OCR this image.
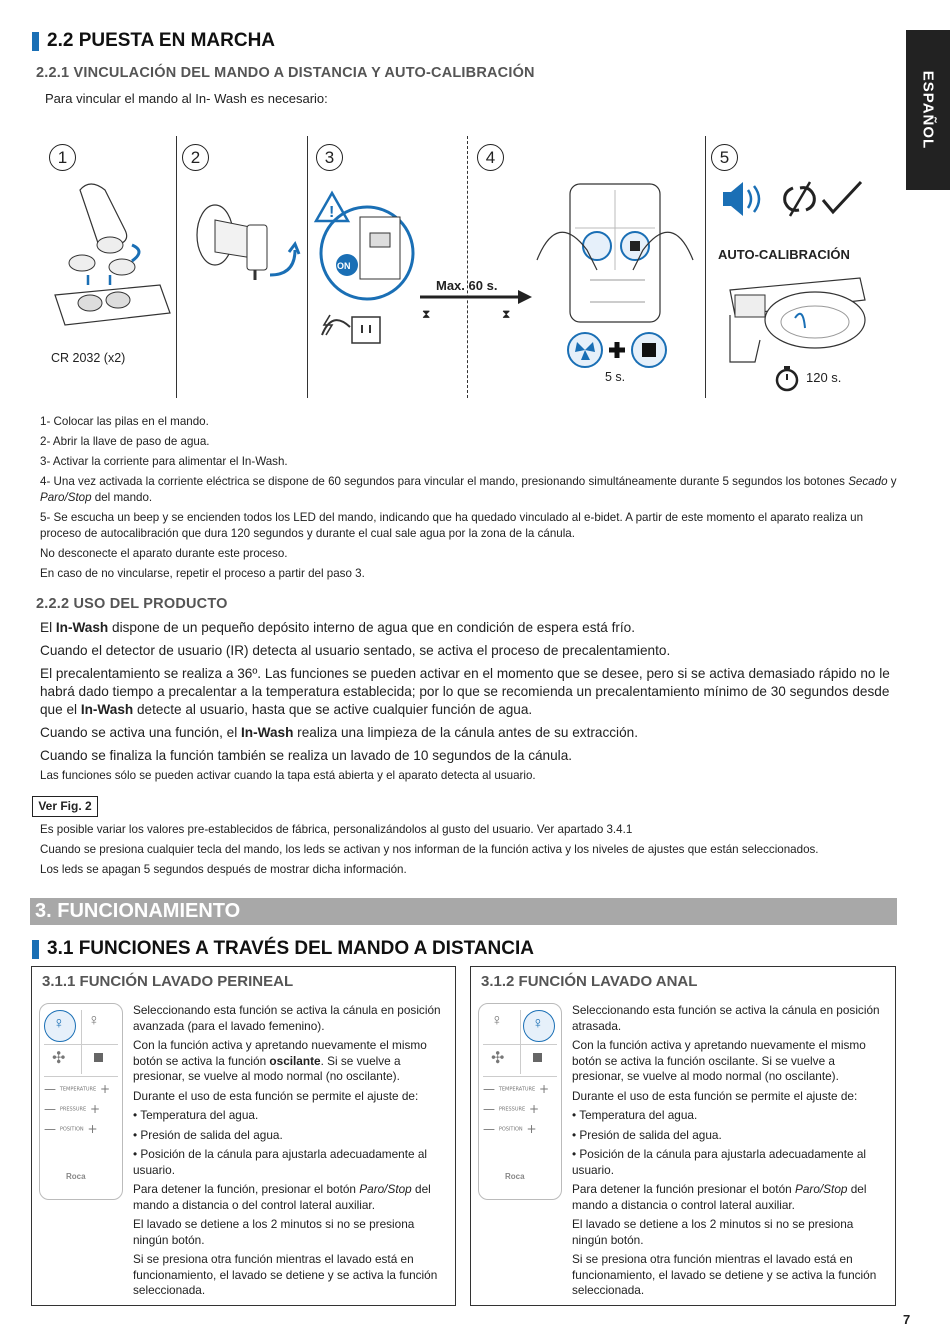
ESPAÑOL
2.2 PUESTA EN MARCHA
2.2.1 VINCULACIÓN DEL MANDO A DISTANCIA Y AUTO-CALIBRACIÓN
Para vincular el mando al In- Wash es necesario:
1	2	3	4	5
CR 2032 (x2)
!
ON
Max. 60 s.
⧗	⧗
5 s.
AUTO-CALIBRACIÓN
120 s.
1- Colocar las pilas en el mando.
2- Abrir la llave de paso de agua.
3- Activar la corriente para alimentar el In-Wash.
4- Una vez activada la corriente eléctrica se dispone de 60 segundos para vincular el mando, presionando simultáneamente durante 5 segundos los botones Secado y Paro/Stop del mando.
5- Se escucha un beep y se encienden todos los LED del mando, indicando que ha quedado vinculado al e-bidet. A partir de este momento el aparato realiza un proceso de autocalibración que dura 120 segundos y durante el cual sale agua por la zona de la cánula.
No desconecte el aparato durante este proceso.
En caso de no vincularse, repetir el proceso a partir del paso 3.
2.2.2 USO DEL PRODUCTO
El In-Wash dispone de un pequeño depósito interno de agua que en condición de espera está frío.
Cuando el detector de usuario (IR) detecta al usuario sentado, se activa el proceso de precalentamiento.
El precalentamiento se realiza a 36º. Las funciones se pueden activar en el momento que se desee, pero si se activa demasiado rápido no le habrá dado tiempo a precalentar a la temperatura establecida; por lo que se recomienda un precalentamiento mínimo de 30 segundos desde que el In-Wash detecte al usuario, hasta que se active cualquier función de agua.
Cuando se activa una función, el In-Wash realiza una limpieza de la cánula antes de su extracción.
Cuando se finaliza la función también se realiza un lavado de 10 segundos de la cánula.
Las funciones sólo se pueden activar cuando la tapa está abierta y el aparato detecta al usuario.
Ver Fig. 2
Es posible variar los valores pre-establecidos de fábrica, personalizándolos al gusto del usuario. Ver apartado 3.4.1
Cuando se presiona cualquier tecla del mando, los leds se activan y nos informan de la función activa y los niveles de ajustes que están seleccionados.
Los leds se apagan 5 segundos después de mostrar dicha información.
3. FUNCIONAMIENTO
3.1 FUNCIONES A TRAVÉS DEL MANDO A DISTANCIA
3.1.1 FUNCIÓN LAVADO PERINEAL
♀ ♀
✣
— TEMPERATURE +
— PRESSURE +
— POSITION +
Roca
Seleccionando esta función se activa la cánula en posición avanzada (para el lavado femenino).
Con la función activa y apretando nuevamente el mismo botón se activa la función oscilante. Si se vuelve a presionar, se vuelve al modo normal (no oscilante).
Durante el uso de esta función se permite el ajuste de:
• Temperatura del agua.
• Presión de salida del agua.
• Posición de la cánula para ajustarla adecuadamente al usuario.
Para detener la función, presionar el botón Paro/Stop del mando a distancia o del control lateral auxiliar.
El lavado se detiene a los 2 minutos si no se presiona ningún botón.
Si se presiona otra función mientras el lavado está en funcionamiento, el lavado se detiene y se activa la función seleccionada.
3.1.2 FUNCIÓN LAVADO ANAL
♀ ♀
✣
— TEMPERATURE +
— PRESSURE +
— POSITION +
Roca
Seleccionando esta función se activa la cánula en posición atrasada.
Con la función activa y apretando nuevamente el mismo botón se activa la función oscilante. Si se vuelve a presionar, se vuelve al modo normal (no oscilante).
Durante el uso de esta función se permite el ajuste de:
• Temperatura del agua.
• Presión de salida del agua.
• Posición de la cánula para ajustarla adecuadamente al usuario.
Para detener la función presionar el botón Paro/Stop del mando a distancia o control lateral auxiliar.
El lavado se detiene a los 2 minutos si no se presiona ningún botón.
Si se presiona otra función mientras el lavado está en funcionamiento, el lavado se detiene y se activa la función seleccionada.
7
